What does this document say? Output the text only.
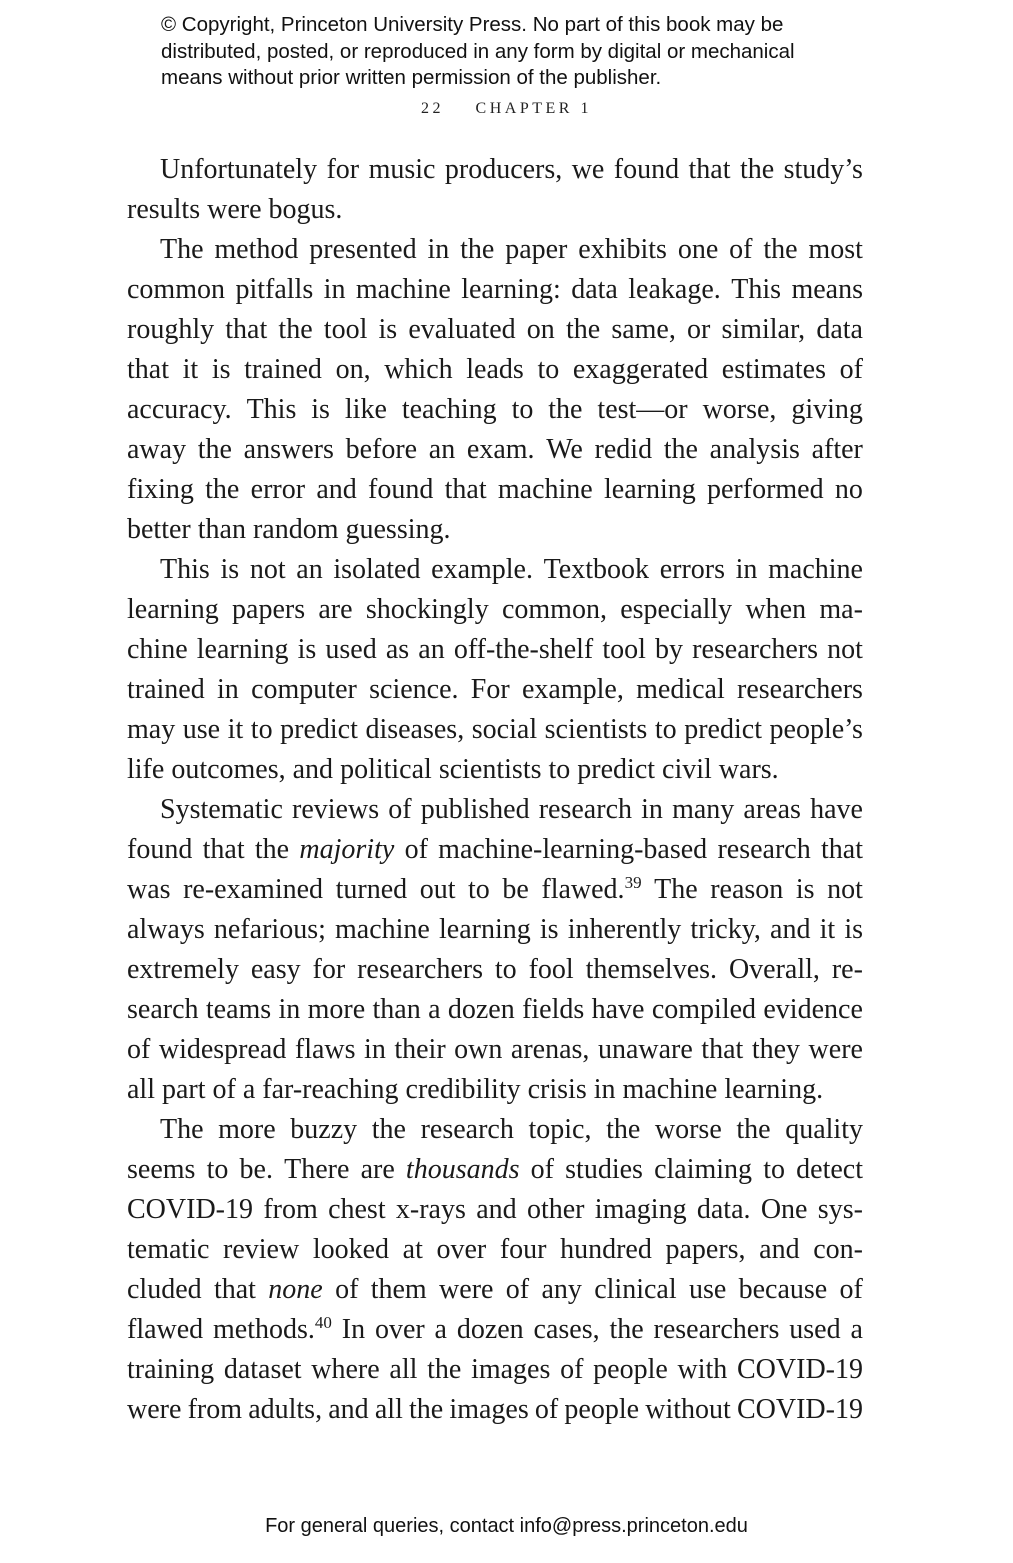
© Copyright, Princeton University Press. No part of this book may be
distributed, posted, or reproduced in any form by digital or mechanical
means without prior written permission of the publisher.
22 CHAPTER 1
Unfortunately for music producers, we found that the study’s
results were bogus.
The method presented in the paper exhibits one of the most
common pitfalls in machine learning: data leakage. This means
roughly that the tool is evaluated on the same, or similar, data
that it is trained on, which leads to exaggerated estimates of
accuracy. This is like teaching to the test—or worse, giving
away the answers before an exam. We redid the analysis after
fixing the error and found that machine learning performed no
better than random guessing.
This is not an isolated example. Textbook errors in machine
learning papers are shockingly common, especially when ma-
chine learning is used as an off-the-shelf tool by researchers not
trained in computer science. For example, medical researchers
may use it to predict diseases, social scientists to predict people’s
life outcomes, and political scientists to predict civil wars.
Systematic reviews of published research in many areas have
found that the majority of machine-learning-based research that
was re-examined turned out to be flawed.$^{39}$ The reason is not
always nefarious; machine learning is inherently tricky, and it is
extremely easy for researchers to fool themselves. Overall, re-
search teams in more than a dozen fields have compiled evidence
of widespread flaws in their own arenas, unaware that they were
all part of a far-reaching credibility crisis in machine learning.
The more buzzy the research topic, the worse the quality
seems to be. There are thousands of studies claiming to detect
COVID-19 from chest x-rays and other imaging data. One sys-
tematic review looked at over four hundred papers, and con-
cluded that none of them were of any clinical use because of
flawed methods.$^{40}$ In over a dozen cases, the researchers used a
training dataset where all the images of people with COVID-19
were from adults, and all the images of people without COVID-19
For general queries, contact info@press.princeton.edu
